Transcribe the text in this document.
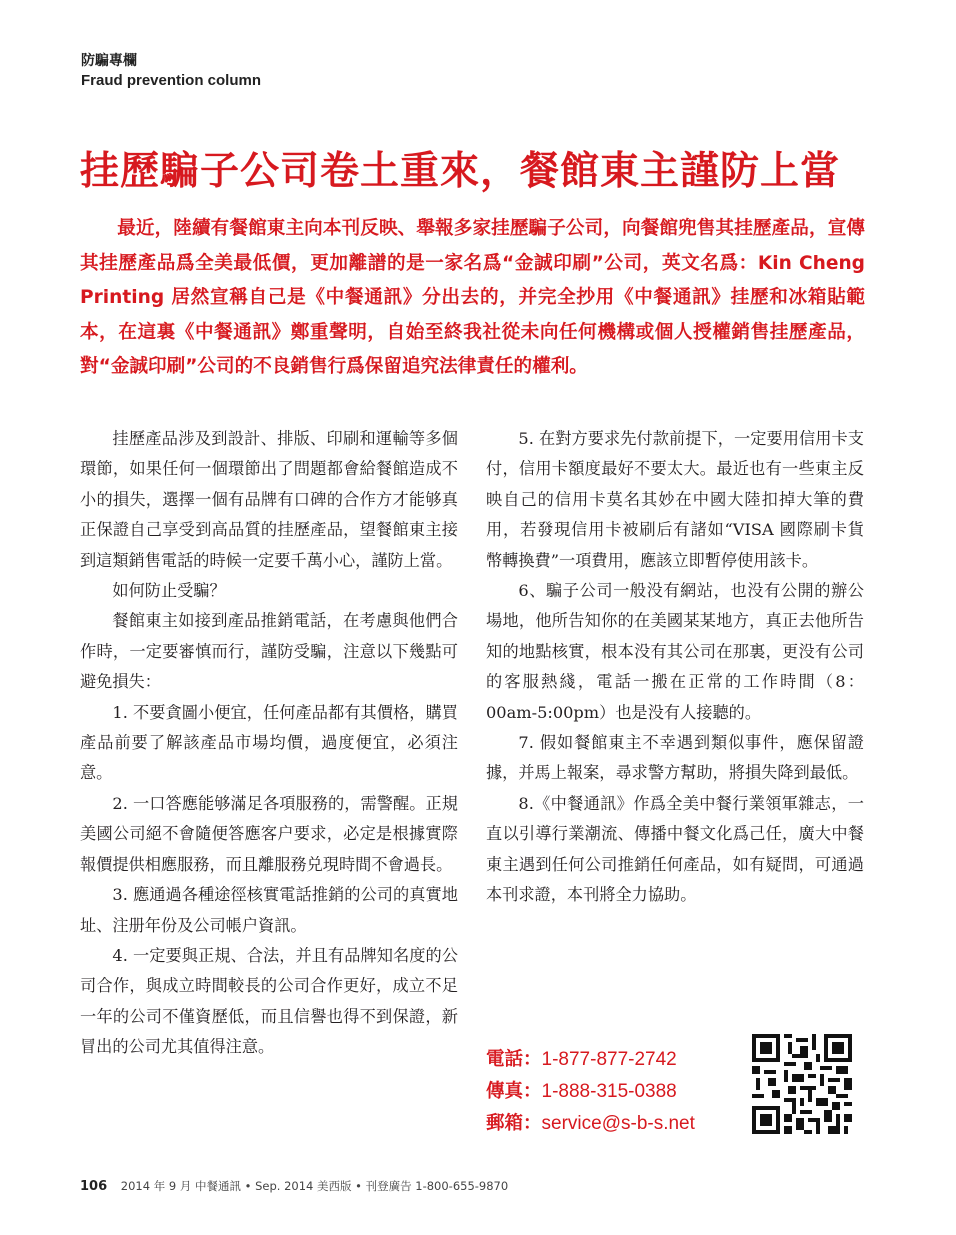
防騙專欄
Fraud prevention column
挂歷騙子公司卷土重來，餐館東主謹防上當

最近，陸續有餐館東主向本刊反映、舉報多家挂歷騙子公司，向餐館兜售其挂歷產品，宣傳其挂歷產品爲全美最低價，更加離譜的是一家名爲“金誠印刷”公司，英文名爲：Kin Cheng Printing 居然宣稱自己是《中餐通訊》分出去的，并完全抄用《中餐通訊》挂歷和冰箱貼範本，在這裏《中餐通訊》鄭重聲明，自始至終我社從未向任何機構或個人授權銷售挂歷產品，對“金誠印刷”公司的不良銷售行爲保留追究法律責任的權利。

挂歷產品涉及到設計、排版、印刷和運輸等多個環節，如果任何一個環節出了問題都會給餐館造成不小的損失，選擇一個有品牌有口碑的合作方才能够真正保證自己享受到高品質的挂歷產品，望餐館東主接到這類銷售電話的時候一定要千萬小心，謹防上當。

如何防止受騙？

餐館東主如接到產品推銷電話，在考慮與他們合作時，一定要審慎而行，謹防受騙，注意以下幾點可避免損失：

1. 不要貪圖小便宜，任何產品都有其價格，購買產品前要了解該產品市場均價，過度便宜，必須注意。

2. 一口答應能够滿足各項服務的，需警醒。正規美國公司絕不會隨便答應客户要求，必定是根據實際報價提供相應服務，而且離服務兑現時間不會過長。

3. 應通過各種途徑核實電話推銷的公司的真實地址、注册年份及公司帳户資訊。

4. 一定要與正規、合法，并且有品牌知名度的公司合作，與成立時間較長的公司合作更好，成立不足一年的公司不僅資歷低，而且信譽也得不到保證，新冒出的公司尤其值得注意。

5. 在對方要求先付款前提下，一定要用信用卡支付，信用卡額度最好不要太大。最近也有一些東主反映自己的信用卡莫名其妙在中國大陸扣掉大筆的費用，若發現信用卡被刷后有諸如“VISA 國際刷卡貨幣轉換費”一項費用，應該立即暫停使用該卡。

6、騙子公司一般没有網站，也没有公開的辦公場地，他所告知你的在美國某某地方，真正去他所告知的地點核實，根本没有其公司在那裏，更没有公司的客服熱綫，電話一搬在正常的工作時間（8：00am-5:00pm）也是没有人接聽的。

7. 假如餐館東主不幸遇到類似事件，應保留證據，并馬上報案，尋求警方幫助，將損失降到最低。

8.《中餐通訊》作爲全美中餐行業領軍雜志，一直以引導行業潮流、傳播中餐文化爲己任，廣大中餐東主遇到任何公司推銷任何產品，如有疑問，可通過本刊求證，本刊將全力協助。

電話：1-877-877-2742
傳真：1-888-315-0388
郵箱：service@s-b-s.net
106 2014 年 9 月 中餐通訊 • Sep. 2014 美西版 • 刊登廣告 1-800-655-9870
